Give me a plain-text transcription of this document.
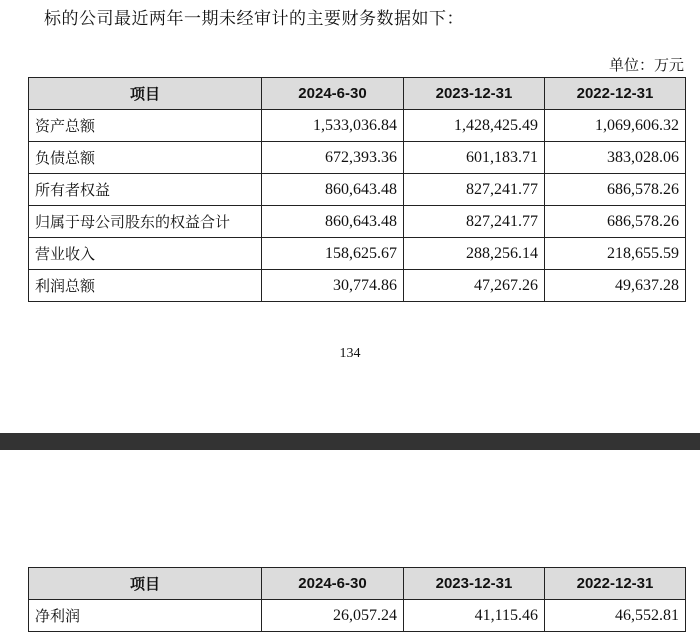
标的公司最近两年一期未经审计的主要财务数据如下：
单位：万元
项目	2024-6-30	2023-12-31	2022-12-31
资产总额	1,533,036.84	1,428,425.49	1,069,606.32
负债总额	672,393.36	601,183.71	383,028.06
所有者权益	860,643.48	827,241.77	686,578.26
归属于母公司股东的权益合计	860,643.48	827,241.77	686,578.26
营业收入	158,625.67	288,256.14	218,655.59
利润总额	30,774.86	47,267.26	49,637.28
134
项目	2024-6-30	2023-12-31	2022-12-31
净利润	26,057.24	41,115.46	46,552.81
